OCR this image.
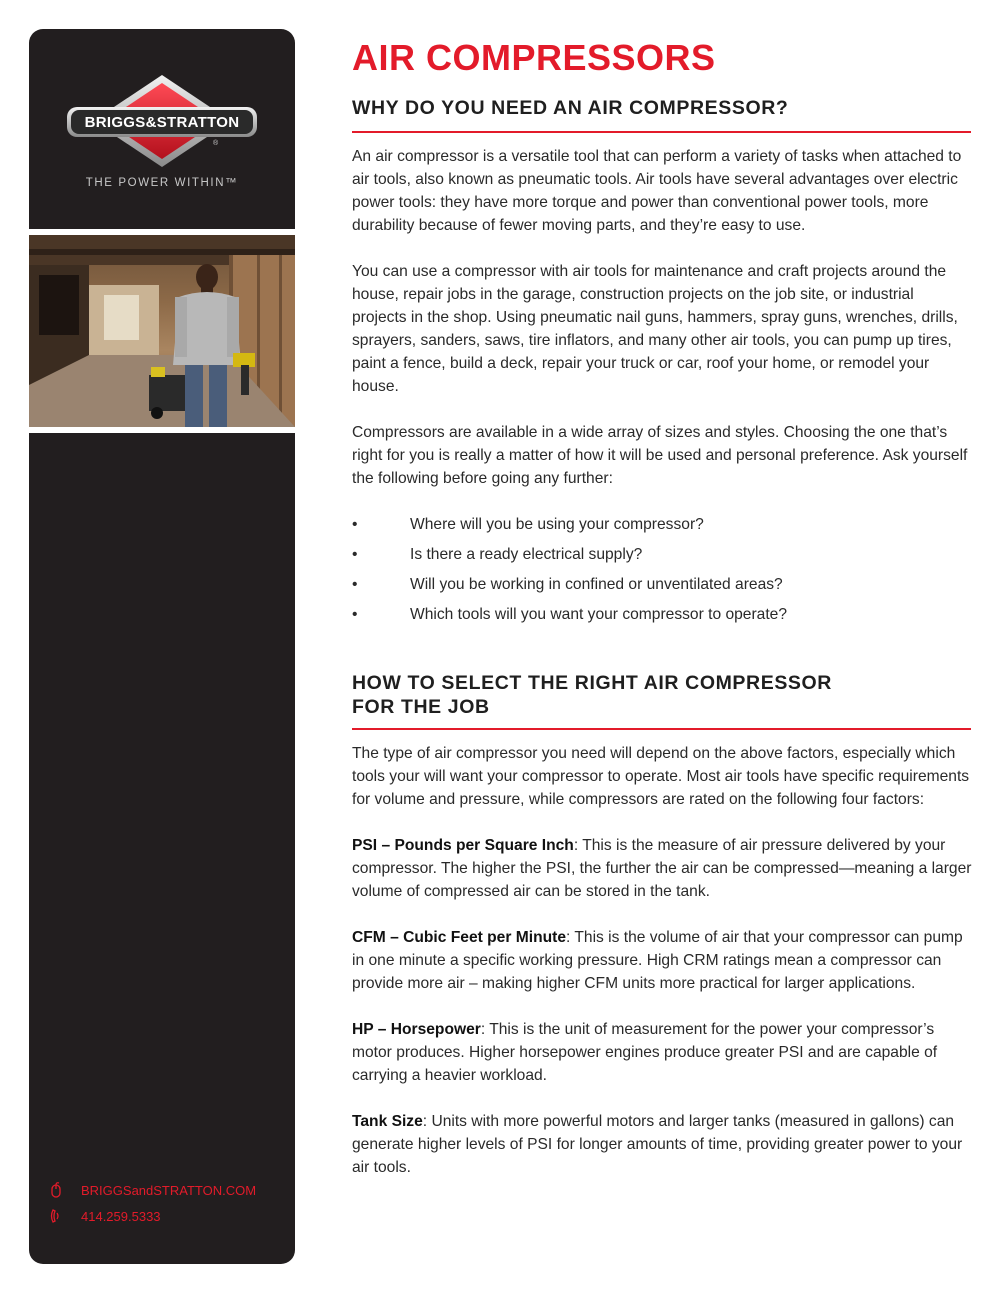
BRIGGS&STRATTON
®
THE POWER WITHIN™
BRIGGSandSTRATTON.COM
414.259.5333
AIR COMPRESSORS
WHY DO YOU NEED AN AIR COMPRESSOR?

An air compressor is a versatile tool that can perform a variety of tasks when attached to air tools, also known as pneumatic tools. Air tools have several advantages over electric power tools: they have more torque and power than conventional power tools, more durability because of fewer moving parts, and they’re easy to use.

You can use a compressor with air tools for maintenance and craft projects around the house, repair jobs in the garage, construction projects on the job site, or industrial projects in the shop. Using pneumatic nail guns, hammers, spray guns, wrenches, drills, sprayers, sanders, saws, tire inflators, and many other air tools, you can pump up tires, paint a fence, build a deck, repair your truck or car, roof your home, or remodel your house.

Compressors are available in a wide array of sizes and styles. Choosing the one that’s right for you is really a matter of how it will be used and personal preference. Ask yourself the following before going any further:

•	Where will you be using your compressor?
•	Is there a ready electrical supply?
•	Will you be working in confined or unventilated areas?
•	Which tools will you want your compressor to operate?
HOW TO SELECT THE RIGHT AIR COMPRESSOR
FOR THE JOB

The type of air compressor you need will depend on the above factors, especially which tools your will want your compressor to operate. Most air tools have specific requirements for volume and pressure, while compressors are rated on the following four factors:

PSI – Pounds per Square Inch: This is the measure of air pressure delivered by your compressor. The higher the PSI, the further the air can be compressed—meaning a larger volume of compressed air can be stored in the tank.

CFM – Cubic Feet per Minute: This is the volume of air that your compressor can pump in one minute a specific working pressure. High CRM ratings mean a compressor can provide more air – making higher CFM units more practical for larger applications.

HP – Horsepower: This is the unit of measurement for the power your compressor’s motor produces. Higher horsepower engines produce greater PSI and are capable of carrying a heavier workload.

Tank Size: Units with more powerful motors and larger tanks (measured in gallons) can generate higher levels of PSI for longer amounts of time, providing greater power to your air tools.
